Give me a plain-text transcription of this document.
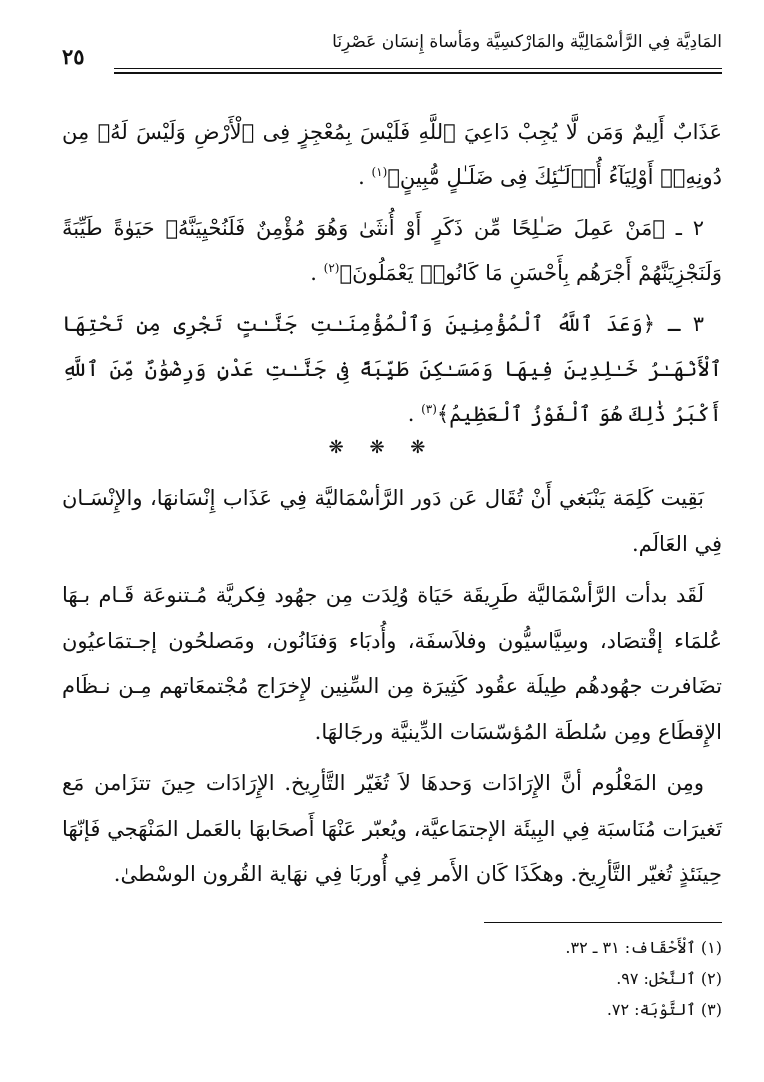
المَادِيَّة فِي الرَّأسْمَالِيَّة والمَارْكسِيَّة ومَأساة إِنسَان عَصْرِنَا
٢٥

عَذَابٌ أَلِيمٌ وَمَن لَّا يُجِبْ دَاعِيَ ٱللَّهِ فَلَيْسَ بِمُعْجِزٍ فِى ٱلْأَرْضِ وَلَيْسَ لَهُۥ مِن دُونِهِۦٓ أَوْلِيَآءُ أُو۟لَـٰٓئِكَ فِى ضَلَـٰلٍ مُّبِينٍ﴾$^{(١)}$ .

٢ ـ ﴿مَنْ عَمِلَ صَـٰلِحًا مِّن ذَكَرٍ أَوْ أُنثَىٰ وَهُوَ مُؤْمِنٌ فَلَنُحْيِيَنَّهُۥ حَيَوٰةً طَيِّبَةً وَلَنَجْزِيَنَّهُمْ أَجْرَهُم بِأَحْسَنِ مَا كَانُوا۟ يَعْمَلُونَ﴾$^{(٢)}$ .

٣ ـ ﴿وَعَدَ ٱللَّهُ ٱلْمُؤْمِنِينَ وَٱلْمُؤْمِنَـٰتِ جَنَّـٰتٍ تَجْرِى مِن تَحْتِهَا ٱلْأَنْهَـٰرُ خَـٰلِدِينَ فِيهَا وَمَسَـٰكِنَ طَيِّبَةً فِى جَنَّـٰتِ عَدْنٍ وَرِضْوَٰنٌ مِّنَ ٱللَّهِ أَكْبَرُ ذَٰلِكَ هُوَ ٱلْفَوْزُ ٱلْعَظِيمُ﴾$^{(٣)}$ .

❋ ❋ ❋

بَقِيت كَلِمَة يَنْبَغي أَنْ تُقَال عَن دَور الرَّأسْمَاليَّة فِي عَذَاب إِنْسَانهَا، والإِنْسَـان فِي العَالَم.

لَقَد بدأت الرَّأسْمَاليَّة طَرِيقَة حَيَاة وُلِدَت مِن جهُود فِكريَّة مُـتنوعَة قَـام بـهَا عُلمَاء إقْتصَاد، وسِيَّاسيُّون وفلاَسفَة، وأُدبَاء وَفنَانُون، ومَصلحُون إجـتمَاعيُون تضَافرت جهُودهُم طِيلَة عقُود كَثِيرَة مِن السِّنِين لإِخرَاج مُجْتمعَاتهم مِـن نـظَام الإِقطَاع ومِن سُلطَة المُؤسّسَات الدِّينيَّة ورجَالهَا.

ومِن المَعْلُوم أنَّ الإِرَادَات وَحدهَا لاَ تُغَيّر التَّأرِيخ. الإِرَادَات حِينَ تتزَامن مَع تَغيرَات مُنَاسبَة فِي البِيئَة الإجتمَاعيَّة، ويُعبّر عَنْهَا أَصحَابهَا بالعَمل المَنْهَجي فَإنّهَا حِينَئذٍ تُغيّر التَّأرِيخ. وهكَذَا كَان الأَمر فِي أُوربَا فِي نهَاية القُرون الوسْطىٰ.

(١) ٱلْأَحْقَاف: ٣١ ـ ٣٢.
(٢) ٱلنَّحْل: ٩٧.
(٣) ٱلتَّوْبَة: ٧٢.
